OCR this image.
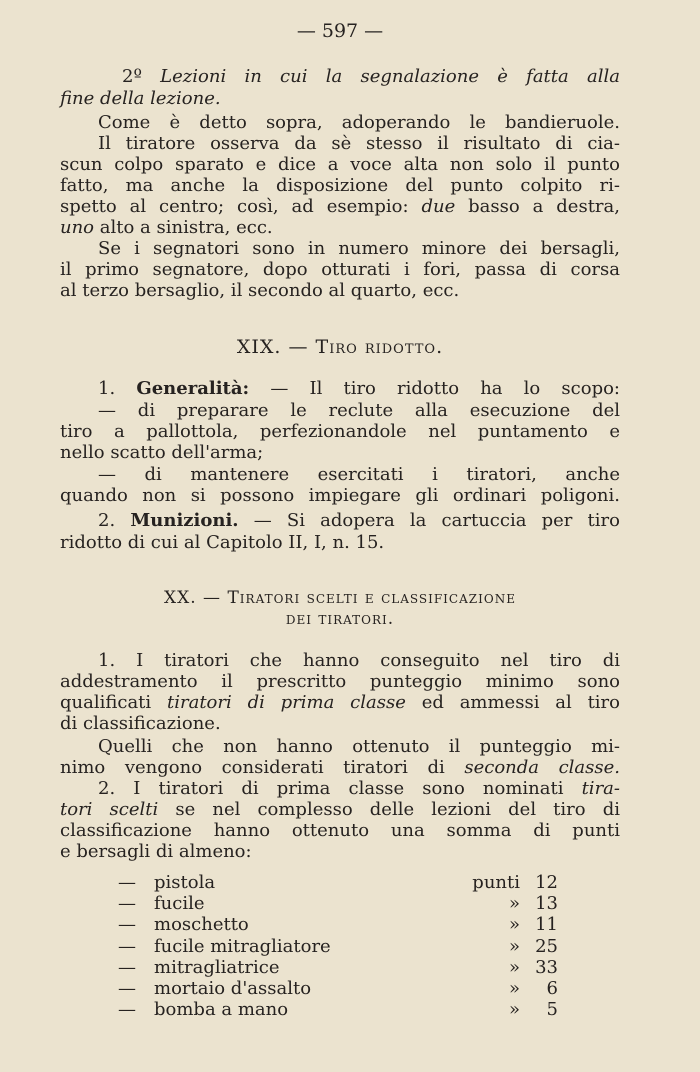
— 597 —
2º Lezioni in cui la segnalazione è fatta alla
fine della lezione.
Come è detto sopra, adoperando le bandieruole.
Il tiratore osserva da sè stesso il risultato di cia-
scun colpo sparato e dice a voce alta non solo il punto
fatto, ma anche la disposizione del punto colpito ri-
spetto al centro; così, ad esempio: due basso a destra,
uno alto a sinistra, ecc.
Se i segnatori sono in numero minore dei bersagli,
il primo segnatore, dopo otturati i fori, passa di corsa
al terzo bersaglio, il secondo al quarto, ecc.
XIX. — Tiro ridotto.
1. Generalità: — Il tiro ridotto ha lo scopo:
— di preparare le reclute alla esecuzione del
tiro a pallottola, perfezionandole nel puntamento e
nello scatto dell'arma;
— di mantenere esercitati i tiratori, anche
quando non si possono impiegare gli ordinari poligoni.
2. Munizioni. — Si adopera la cartuccia per tiro
ridotto di cui al Capitolo II, I, n. 15.
XX. — Tiratori scelti e classificazione
dei tiratori.
1. I tiratori che hanno conseguito nel tiro di
addestramento il prescritto punteggio minimo sono
qualificati tiratori di prima classe ed ammessi al tiro
di classificazione.
Quelli che non hanno ottenuto il punteggio mi-
nimo vengono considerati tiratori di seconda classe.
2. I tiratori di prima classe sono nominati tira-
tori scelti se nel complesso delle lezioni del tiro di
classificazione hanno ottenuto una somma di punti
e bersagli di almeno:
—	pistola	punti 12
—	fucile	» 13
—	moschetto	» 11
—	fucile mitragliatore	» 25
—	mitragliatrice	» 33
—	mortaio d'assalto	»	6
—	bomba a mano	»	5
